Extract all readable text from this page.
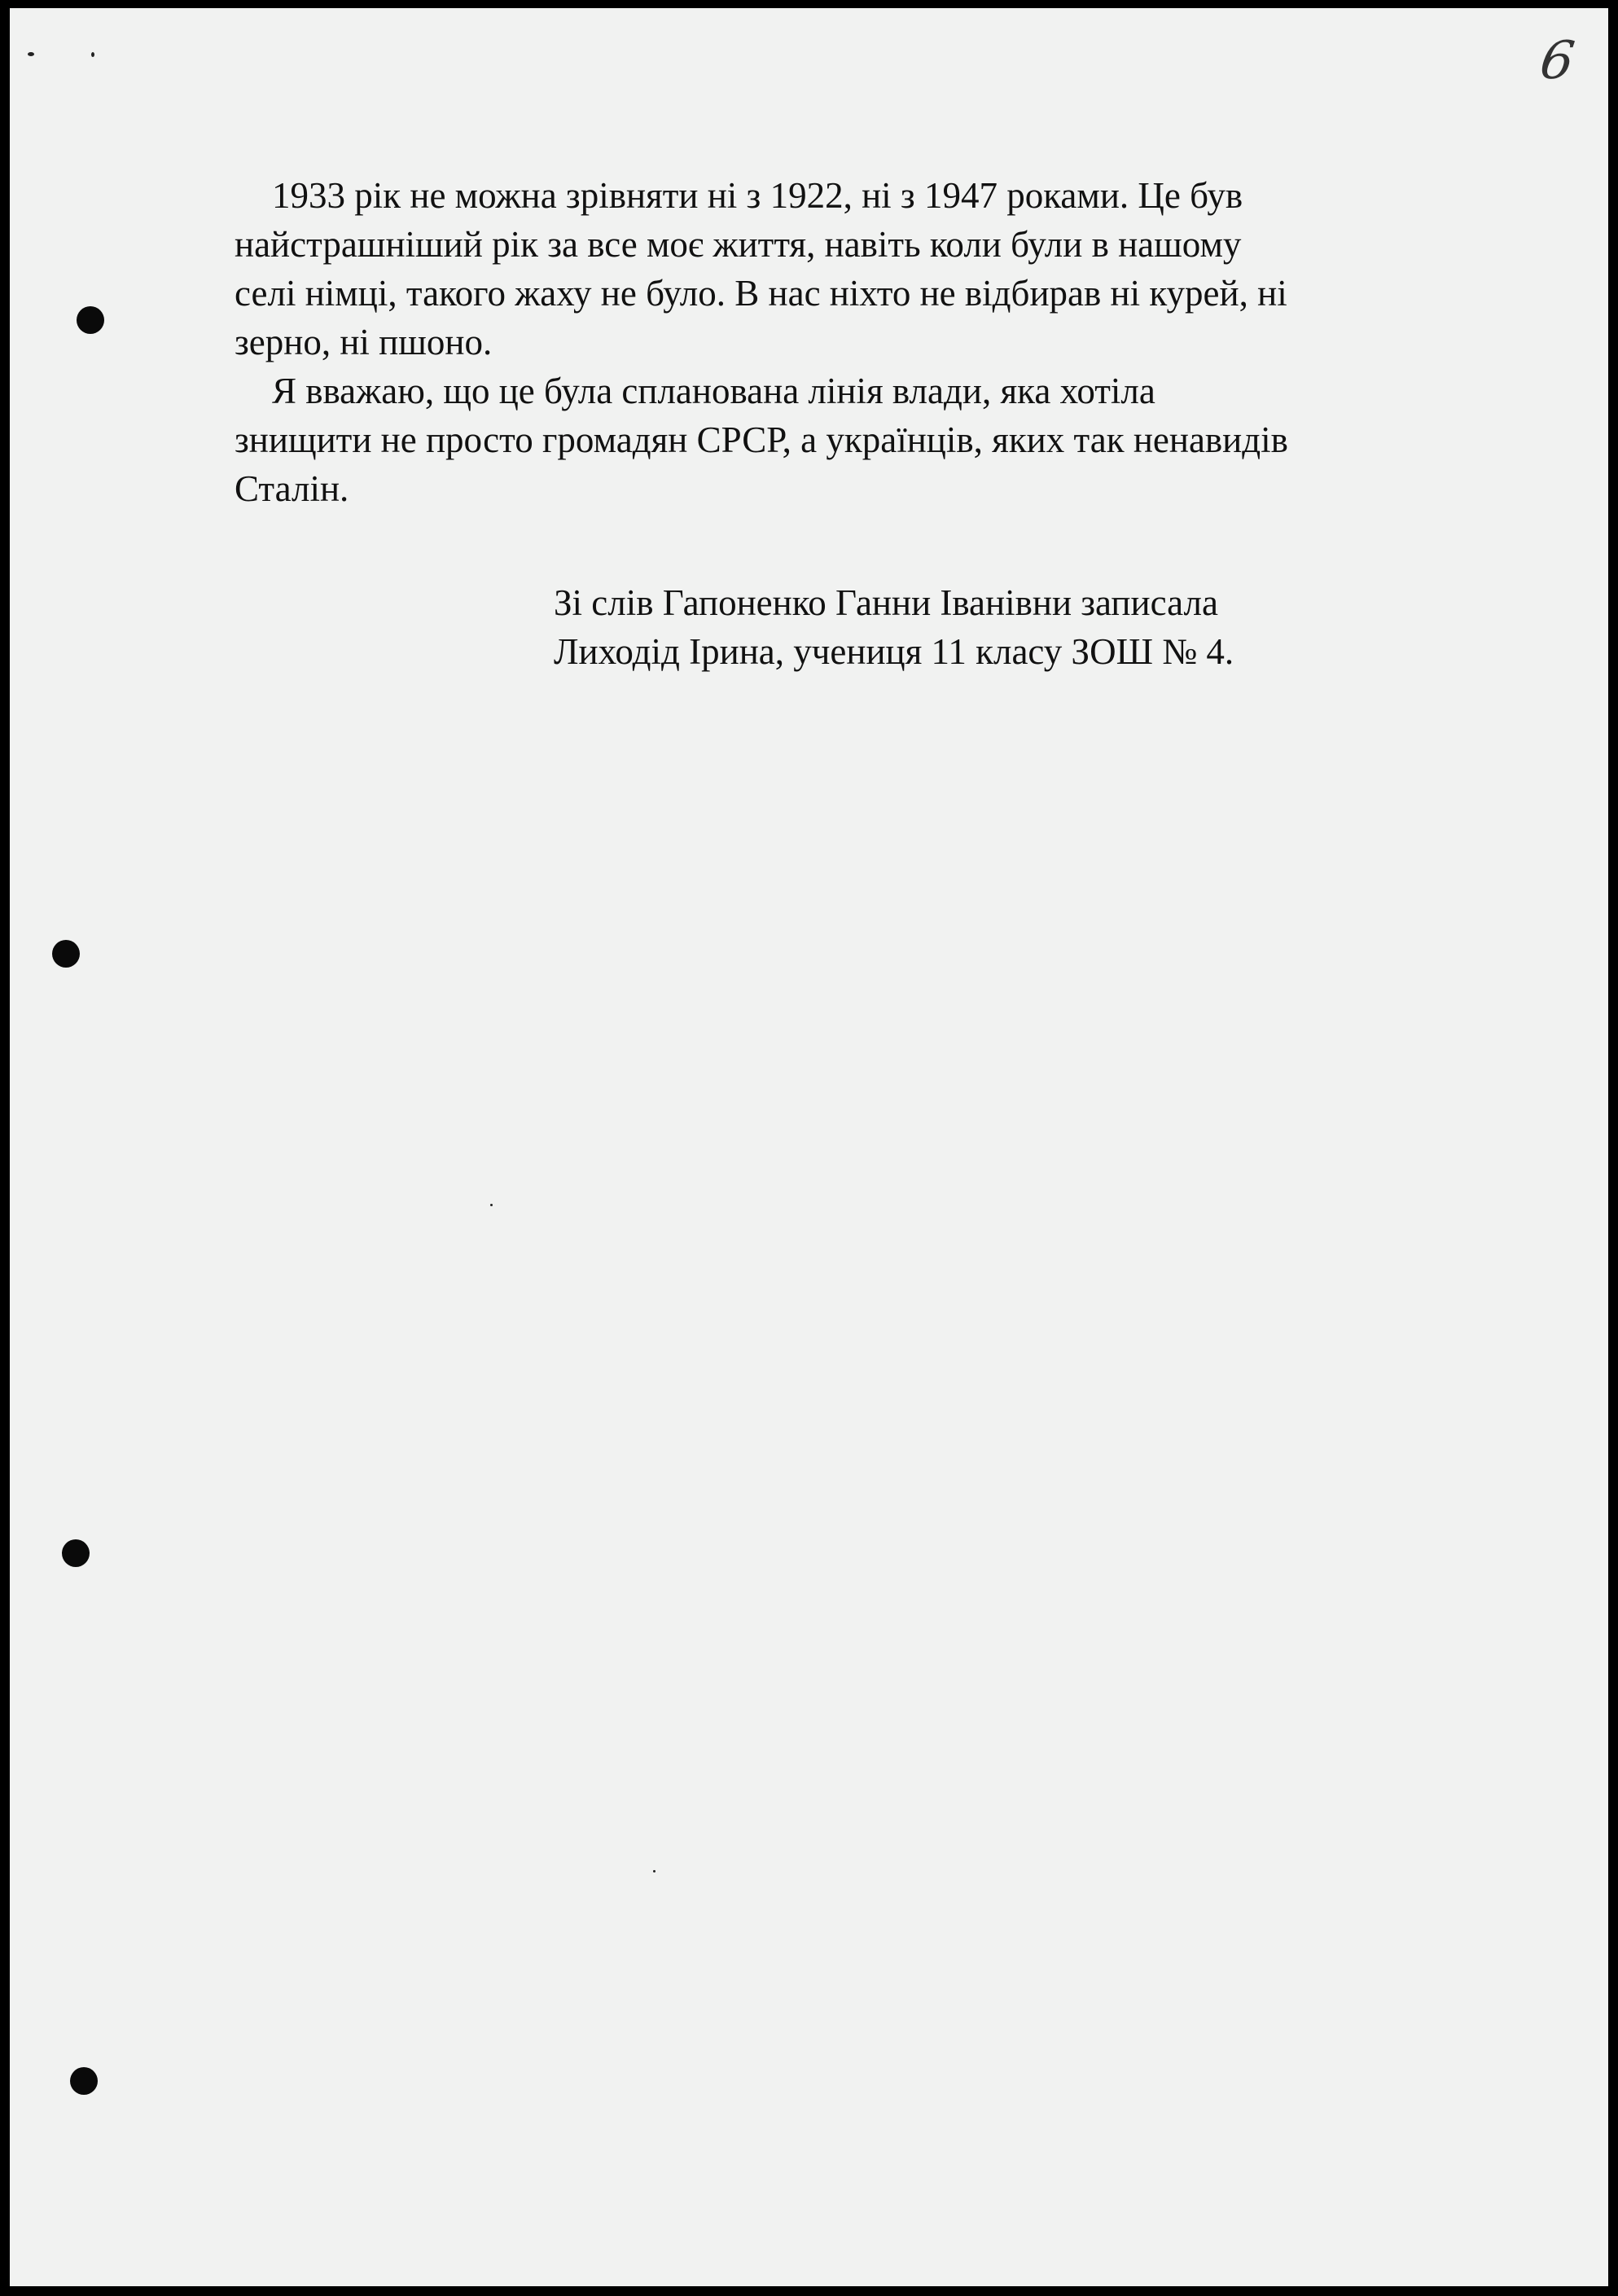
6
1933 рік не можна зрівняти ні з 1922, ні з 1947 роками. Це був
найстрашніший рік за все моє життя, навіть коли були в нашому
селі німці, такого жаху не було. В нас ніхто не відбирав ні курей, ні
зерно, ні пшоно.
Я вважаю, що це була спланована лінія влади, яка хотіла
знищити не просто громадян СРСР, а українців, яких так ненавидів
Сталін.
Зі слів Гапоненко Ганни Іванівни записала
Лиходід Ірина, учениця 11 класу ЗОШ № 4.
